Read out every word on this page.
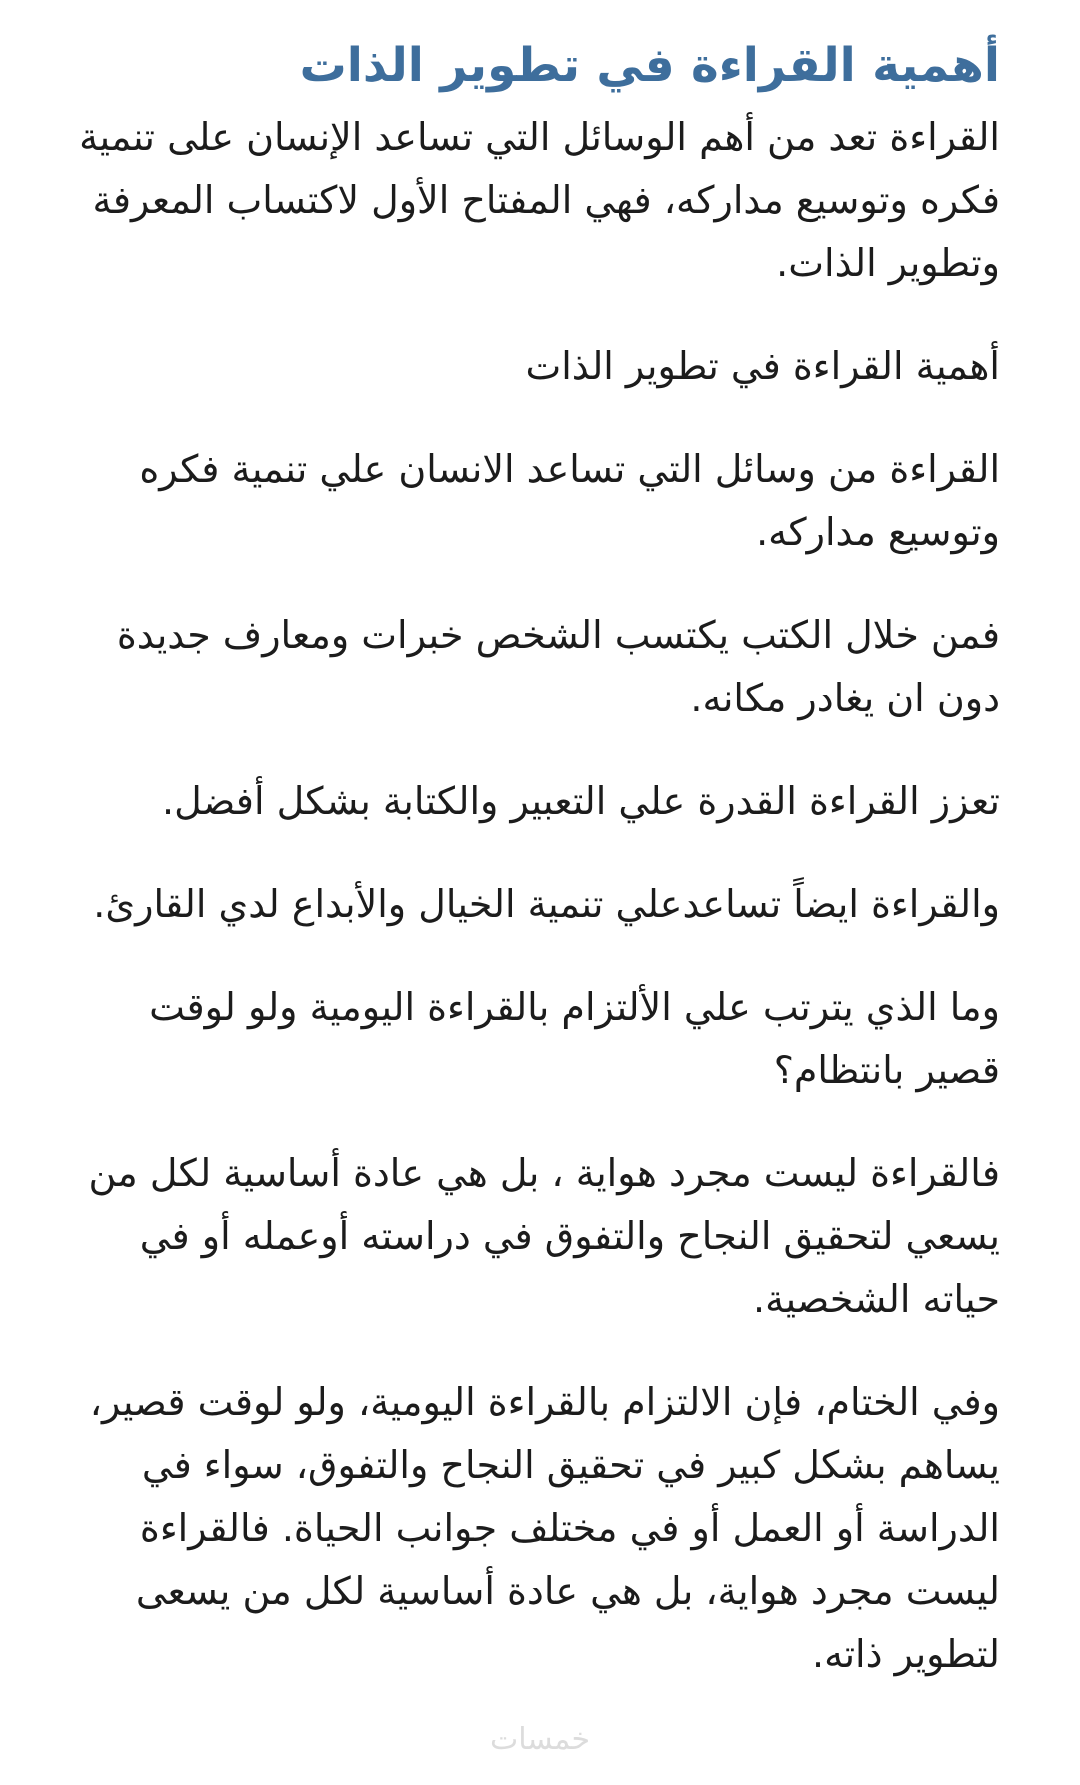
أهمية القراءة في تطوير الذات

القراءة تعد من أهم الوسائل التي تساعد الإنسان على تنمية
فكره وتوسيع مداركه، فهي المفتاح الأول لاكتساب المعرفة
وتطوير الذات.

أهمية القراءة في تطوير الذات

القراءة من وسائل التي تساعد الانسان علي تنمية فكره
وتوسيع مداركه.

فمن خلال الكتب يكتسب الشخص خبرات ومعارف جديدة
دون ان يغادر مكانه.

تعزز القراءة القدرة علي التعبير والكتابة بشكل أفضل.

والقراءة ايضاً تساعدعلي تنمية الخيال والأبداع لدي القارئ.

وما الذي يترتب علي الألتزام بالقراءة اليومية ولو لوقت
قصير بانتظام؟

فالقراءة ليست مجرد هواية ، بل هي عادة أساسية لكل من
يسعي لتحقيق النجاح والتفوق في دراسته أوعمله أو في
حياته الشخصية.

وفي الختام، فإن الالتزام بالقراءة اليومية، ولو لوقت قصير،
يساهم بشكل كبير في تحقيق النجاح والتفوق، سواء في
الدراسة أو العمل أو في مختلف جوانب الحياة. فالقراءة
ليست مجرد هواية، بل هي عادة أساسية لكل من يسعى
لتطوير ذاته.

خمسات
